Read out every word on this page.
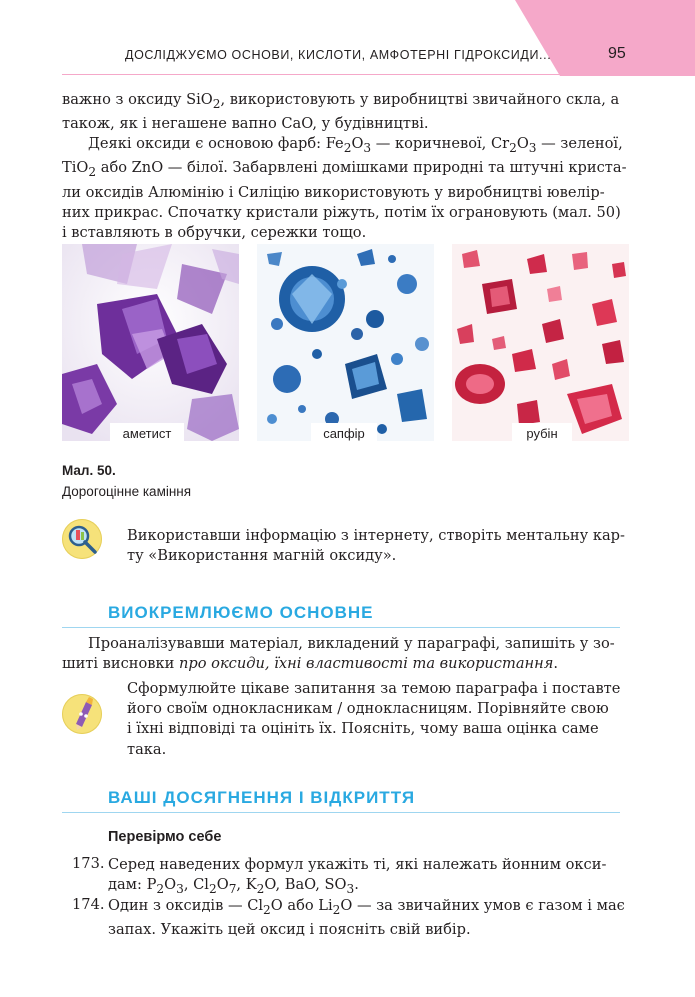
ДОСЛІДЖУЄМО ОСНОВИ, КИСЛОТИ, АМФОТЕРНІ ГІДРОКСИДИ...	95
важно з оксиду SiO$_2$, використовують у виробництві звичайного скла, а
також, як і негашене вапно CaO, у будівництві.
Деякі оксиди є основою фарб: $Fe_2O_3$ — коричневої, $Cr_2O_3$ — зеленої,
TiO$_2$ або ZnO — білої. Забарвлені домішками природні та штучні криста-
ли оксидів Алюмінію і Силіцію використовують у виробництві ювелір-
них прикрас. Спочатку кристали ріжуть, потім їх ограновують (мал. 50)
і вставляють в обручки, сережки тощо.
аметист	сапфір	рубін
Мал. 50.
Дорогоцінне каміння
Використавши інформацію з інтернету, створіть ментальну кар-
ту «Використання магній оксиду».
ВИОКРЕМЛЮЄМО ОСНОВНЕ
Проаналізувавши матеріал, викладений у параграфі, запишіть у зо-
шиті висновки про оксиди, їхні властивості та використання.
Сформулюйте цікаве запитання за темою параграфа і поставте
його своїм однокласникам / однокласницям. Порівняйте свою
і їхні відповіді та оцініть їх. Поясніть, чому ваша оцінка саме
така.
ВАШІ ДОСЯГНЕННЯ І ВІДКРИТТЯ
Перевірмо себе
173. Серед наведених формул укажіть ті, які належать йонним окси-
дам: $P_2O_3$, $Cl_2O_7$, $K_2O$, BaO, $SO_3$.
174. Один з оксидів — $Cl_2O$ або $Li_2O$ — за звичайних умов є газом і має
запах. Укажіть цей оксид і поясніть свій вибір.
